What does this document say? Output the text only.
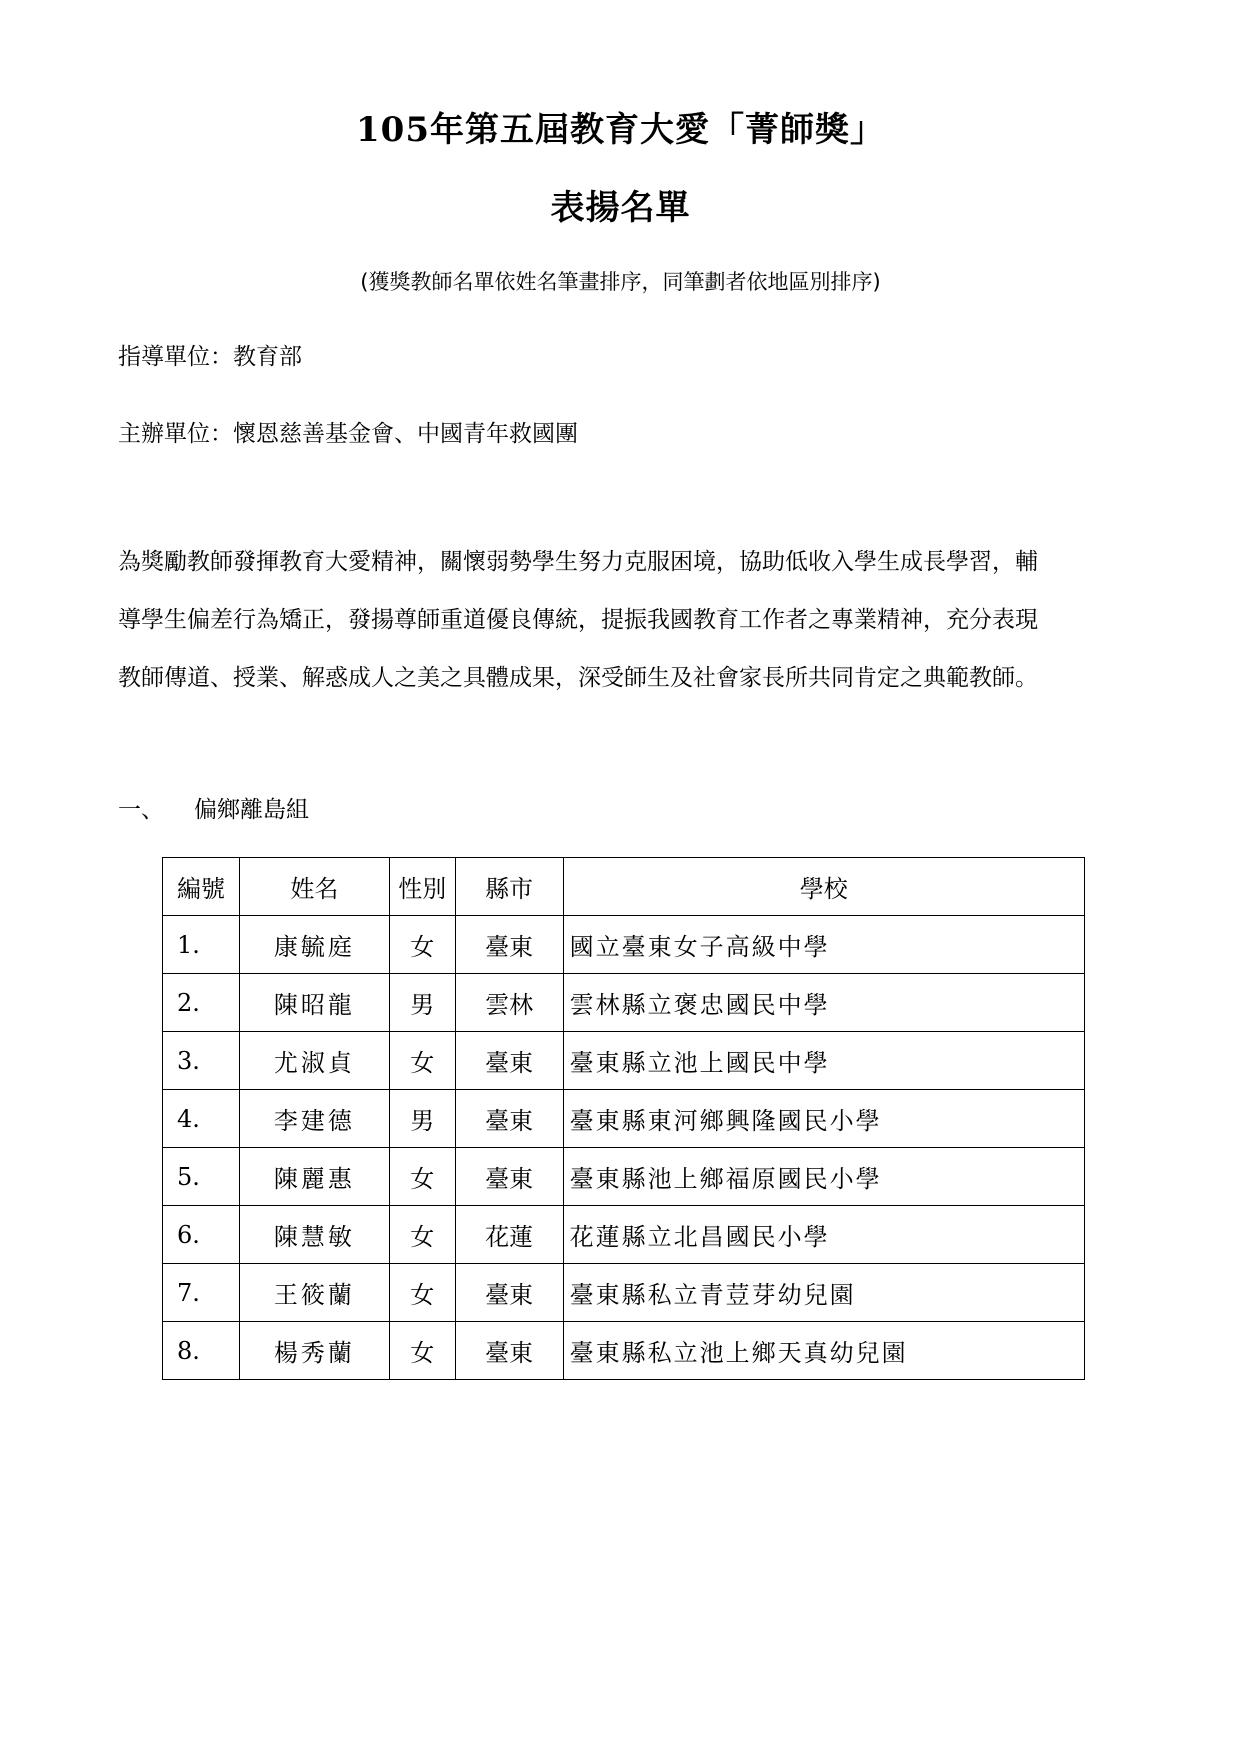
105年第五屆教育大愛「菁師獎」
表揚名單
(獲獎教師名單依姓名筆畫排序，同筆劃者依地區別排序)
指導單位：教育部
主辦單位：懷恩慈善基金會、中國青年救國團

為獎勵教師發揮教育大愛精神，關懷弱勢學生努力克服困境，協助低收入學生成長學習，輔
導學生偏差行為矯正，發揚尊師重道優良傳統，提振我國教育工作者之專業精神，充分表現
教師傳道、授業、解惑成人之美之具體成果，深受師生及社會家長所共同肯定之典範教師。

一、 偏鄉離島組
編號	姓名	性別	縣市	學校
1.	康毓庭	女	臺東	國立臺東女子高級中學
2.	陳昭龍	男	雲林	雲林縣立褒忠國民中學
3.	尤淑貞	女	臺東	臺東縣立池上國民中學
4.	李建德	男	臺東	臺東縣東河鄉興隆國民小學
5.	陳麗惠	女	臺東	臺東縣池上鄉福原國民小學
6.	陳慧敏	女	花蓮	花蓮縣立北昌國民小學
7.	王筱蘭	女	臺東	臺東縣私立青荳芽幼兒園
8.	楊秀蘭	女	臺東	臺東縣私立池上鄉天真幼兒園
